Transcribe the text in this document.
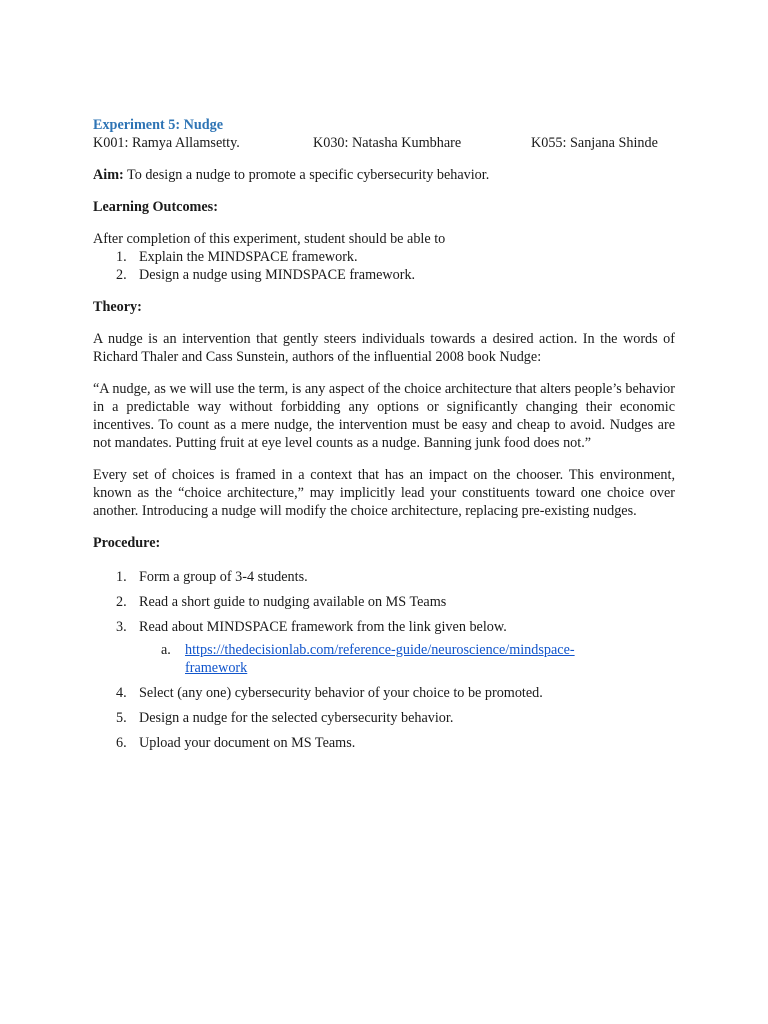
Experiment 5: Nudge

K001: Ramya Allamsetty.	K030: Natasha Kumbhare	K055: Sanjana Shinde

Aim: To design a nudge to promote a specific cybersecurity behavior.

Learning Outcomes:

After completion of this experiment, student should be able to

1. Explain the MINDSPACE framework.
2. Design a nudge using MINDSPACE framework.

Theory:

A nudge is an intervention that gently steers individuals towards a desired action. In the words of Richard Thaler and Cass Sunstein, authors of the influential 2008 book Nudge:

“A nudge, as we will use the term, is any aspect of the choice architecture that alters people’s behavior in a predictable way without forbidding any options or significantly changing their economic incentives. To count as a mere nudge, the intervention must be easy and cheap to avoid. Nudges are not mandates. Putting fruit at eye level counts as a nudge. Banning junk food does not.”

Every set of choices is framed in a context that has an impact on the chooser. This environment, known as the “choice architecture,” may implicitly lead your constituents toward one choice over another. Introducing a nudge will modify the choice architecture, replacing pre-existing nudges.

Procedure:

1. Form a group of 3-4 students.
2. Read a short guide to nudging available on MS Teams
3. Read about MINDSPACE framework from the link given below.
a. https://thedecisionlab.com/reference-guide/neuroscience/mindspace-
framework
4. Select (any one) cybersecurity behavior of your choice to be promoted.
5. Design a nudge for the selected cybersecurity behavior.
6. Upload your document on MS Teams.
